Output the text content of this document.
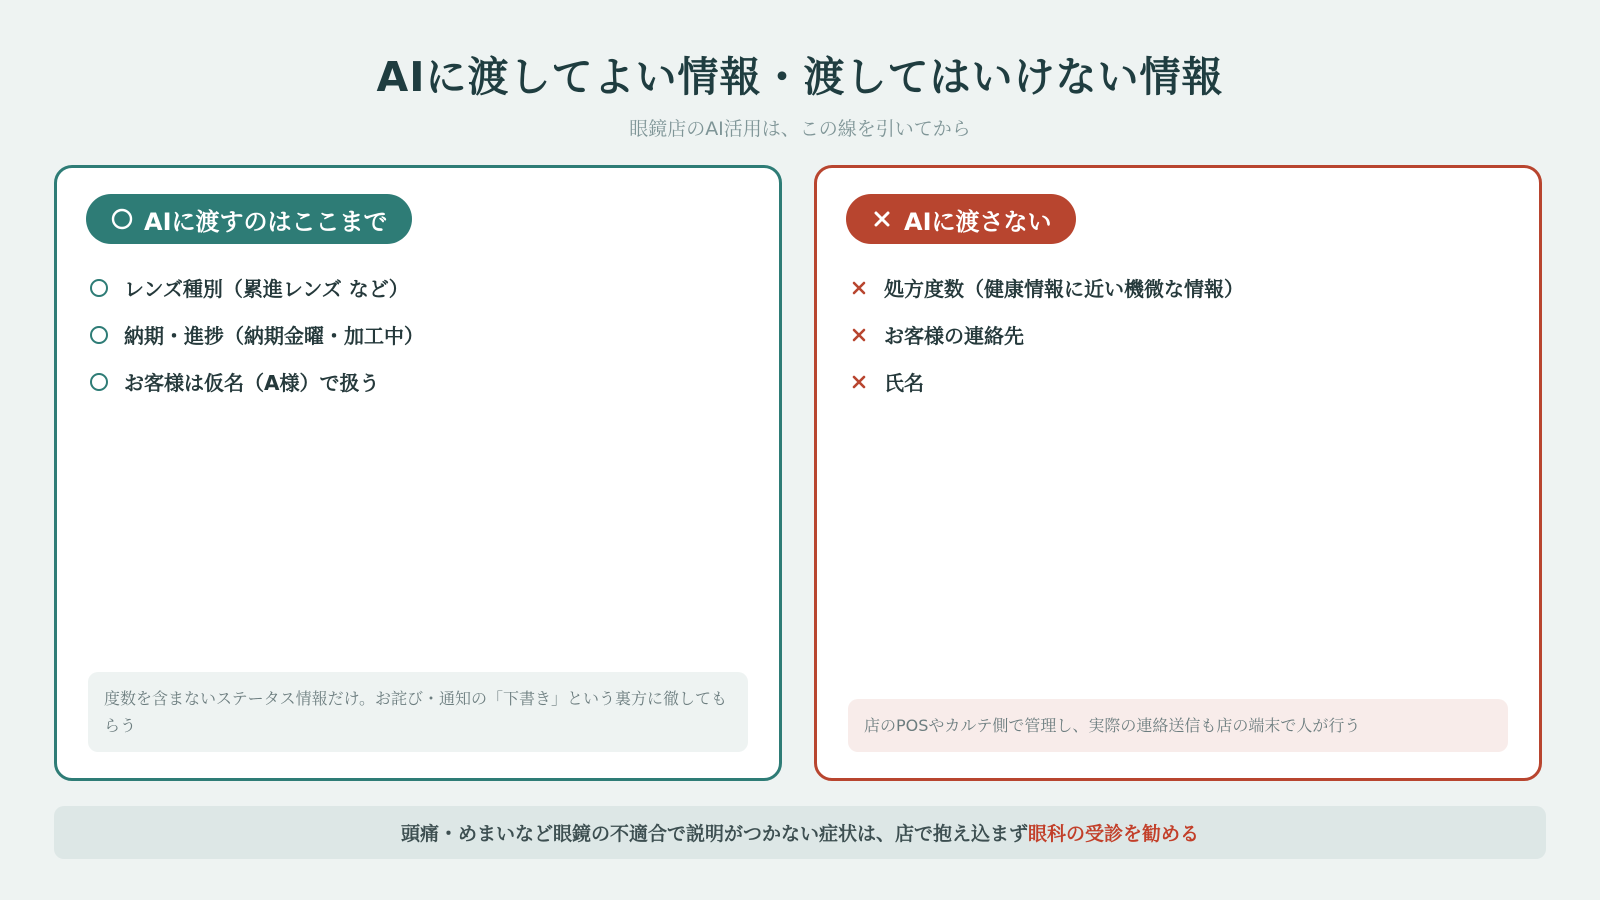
AIに渡してよい情報・渡してはいけない情報
眼鏡店のAI活用は、この線を引いてから
AIに渡すのはここまで
レンズ種別（累進レンズ など）
納期・進捗（納期金曜・加工中）
お客様は仮名（A様）で扱う
度数を含まないステータス情報だけ。お詫び・通知の「下書き」という裏方に徹してもらう
AIに渡さない
処方度数（健康情報に近い機微な情報）
お客様の連絡先
氏名
店のPOSやカルテ側で管理し、実際の連絡送信も店の端末で人が行う
頭痛・めまいなど眼鏡の不適合で説明がつかない症状は、店で抱え込まず 眼科の受診を勧める
